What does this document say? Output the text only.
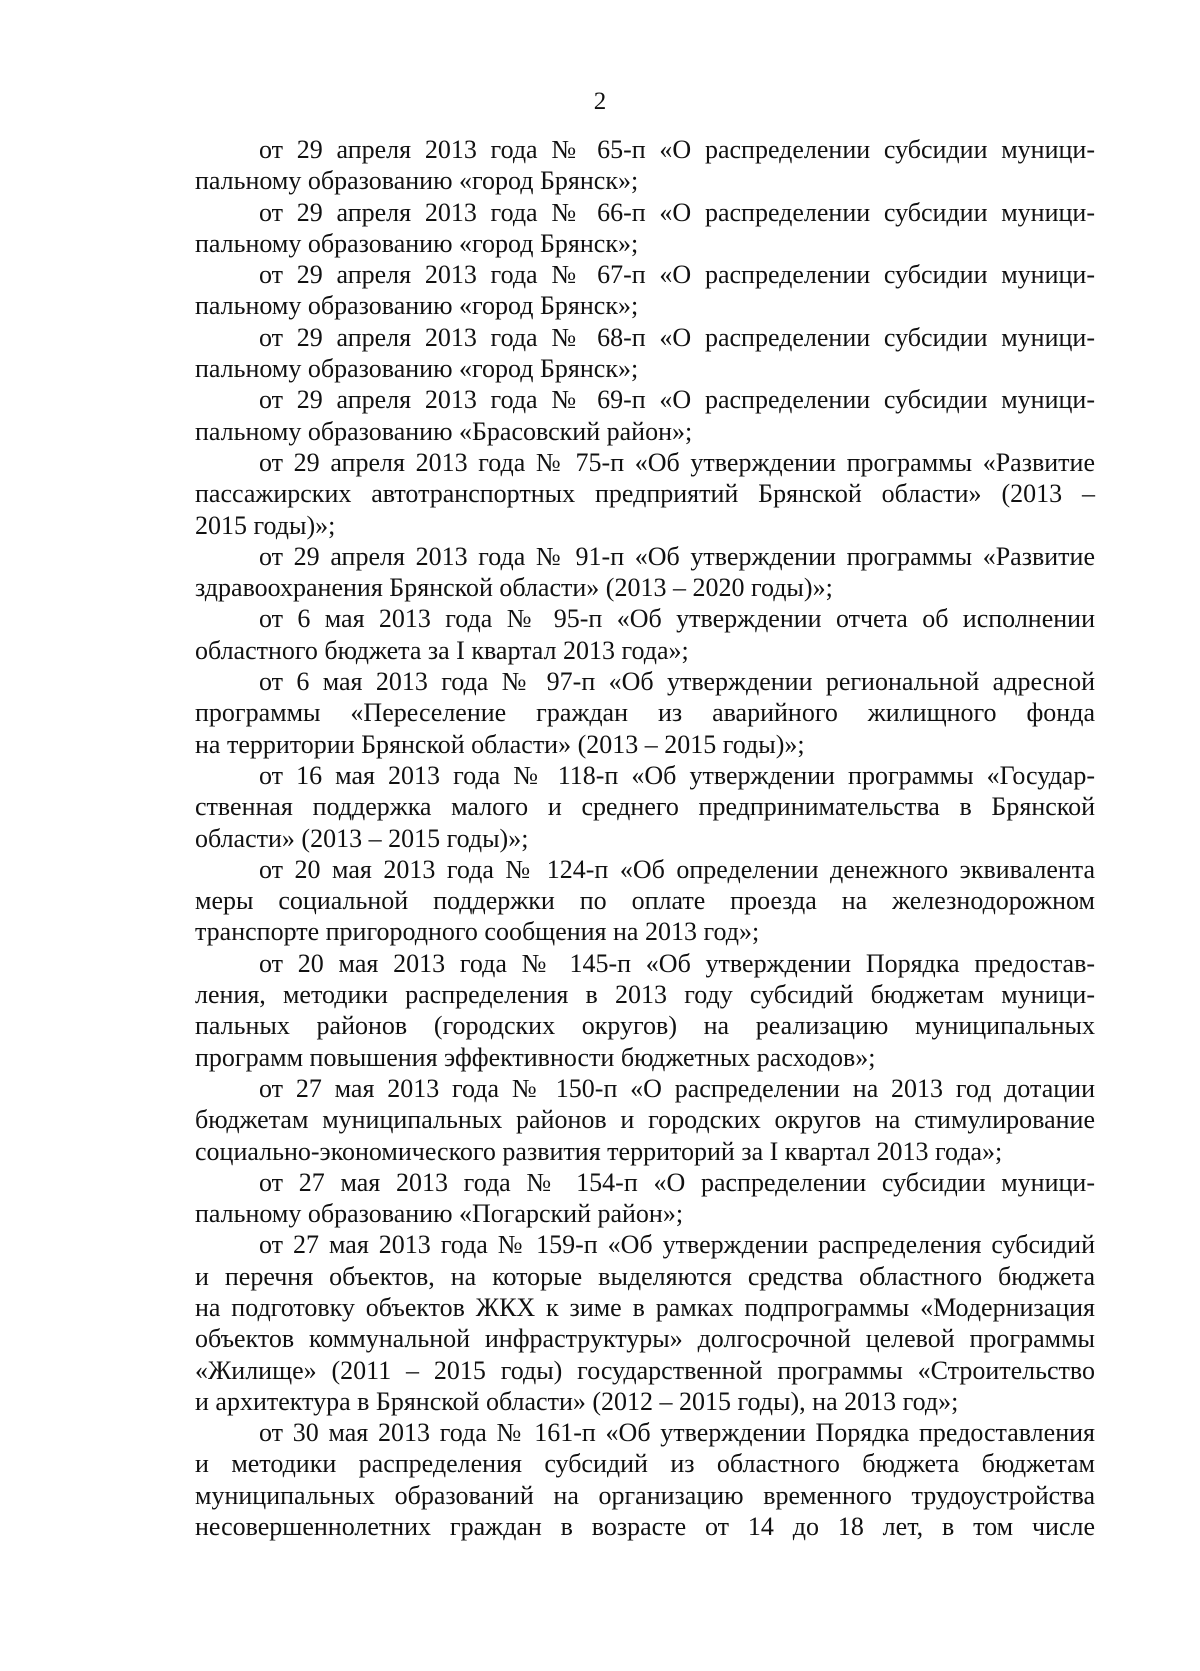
2
от 29 апреля 2013 года № 65-п «О распределении субсидии муници-
пальному образованию «город Брянск»;
от 29 апреля 2013 года № 66-п «О распределении субсидии муници-
пальному образованию «город Брянск»;
от 29 апреля 2013 года № 67-п «О распределении субсидии муници-
пальному образованию «город Брянск»;
от 29 апреля 2013 года № 68-п «О распределении субсидии муници-
пальному образованию «город Брянск»;
от 29 апреля 2013 года № 69-п «О распределении субсидии муници-
пальному образованию «Брасовский район»;
от 29 апреля 2013 года № 75-п «Об утверждении программы «Развитие
пассажирских автотранспортных предприятий Брянской области» (2013 –
2015 годы)»;
от 29 апреля 2013 года № 91-п «Об утверждении программы «Развитие
здравоохранения Брянской области» (2013 – 2020 годы)»;
от 6 мая 2013 года № 95-п «Об утверждении отчета об исполнении
областного бюджета за I квартал 2013 года»;
от 6 мая 2013 года № 97-п «Об утверждении региональной адресной
программы «Переселение граждан из аварийного жилищного фонда
на территории Брянской области» (2013 – 2015 годы)»;
от 16 мая 2013 года № 118-п «Об утверждении программы «Государ-
ственная поддержка малого и среднего предпринимательства в Брянской
области» (2013 – 2015 годы)»;
от 20 мая 2013 года № 124-п «Об определении денежного эквивалента
меры социальной поддержки по оплате проезда на железнодорожном
транспорте пригородного сообщения на 2013 год»;
от 20 мая 2013 года № 145-п «Об утверждении Порядка предостав-
ления, методики распределения в 2013 году субсидий бюджетам муници-
пальных районов (городских округов) на реализацию муниципальных
программ повышения эффективности бюджетных расходов»;
от 27 мая 2013 года № 150-п «О распределении на 2013 год дотации
бюджетам муниципальных районов и городских округов на стимулирование
социально-экономического развития территорий за I квартал 2013 года»;
от 27 мая 2013 года № 154-п «О распределении субсидии муници-
пальному образованию «Погарский район»;
от 27 мая 2013 года № 159-п «Об утверждении распределения субсидий
и перечня объектов, на которые выделяются средства областного бюджета
на подготовку объектов ЖКХ к зиме в рамках подпрограммы «Модернизация
объектов коммунальной инфраструктуры» долгосрочной целевой программы
«Жилище» (2011 – 2015 годы) государственной программы «Строительство
и архитектура в Брянской области» (2012 – 2015 годы), на 2013 год»;
от 30 мая 2013 года № 161-п «Об утверждении Порядка предоставления
и методики распределения субсидий из областного бюджета бюджетам
муниципальных образований на организацию временного трудоустройства
несовершеннолетних граждан в возрасте от 14 до 18 лет, в том числе
